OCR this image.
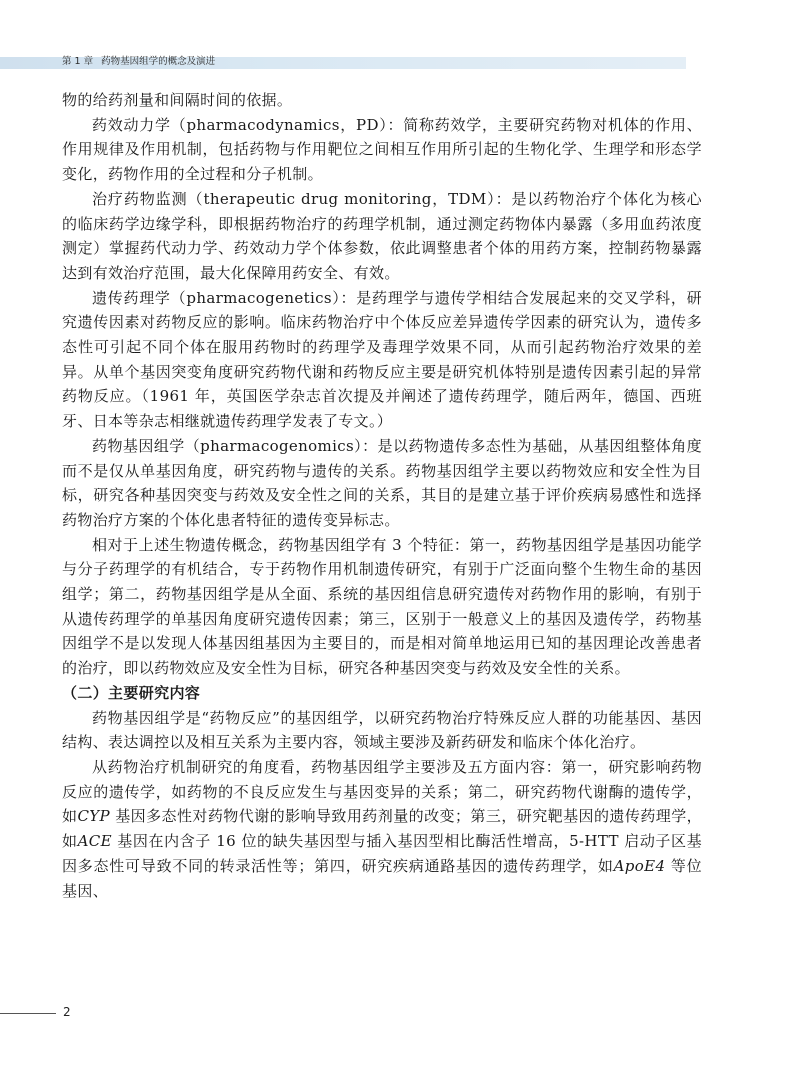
第 1 章 药物基因组学的概念及演进

物的给药剂量和间隔时间的依据。

药效动力学（pharmacodynamics，PD）：简称药效学，主要研究药物对机体的作用、作用规律及作用机制，包括药物与作用靶位之间相互作用所引起的生物化学、生理学和形态学变化，药物作用的全过程和分子机制。

治疗药物监测（therapeutic drug monitoring，TDM）：是以药物治疗个体化为核心的临床药学边缘学科，即根据药物治疗的药理学机制，通过测定药物体内暴露（多用血药浓度测定）掌握药代动力学、药效动力学个体参数，依此调整患者个体的用药方案，控制药物暴露达到有效治疗范围，最大化保障用药安全、有效。

遗传药理学（pharmacogenetics）：是药理学与遗传学相结合发展起来的交叉学科，研究遗传因素对药物反应的影响。临床药物治疗中个体反应差异遗传学因素的研究认为，遗传多态性可引起不同个体在服用药物时的药理学及毒理学效果不同，从而引起药物治疗效果的差异。从单个基因突变角度研究药物代谢和药物反应主要是研究机体特别是遗传因素引起的异常药物反应。（1961 年，英国医学杂志首次提及并阐述了遗传药理学，随后两年，德国、西班牙、日本等杂志相继就遗传药理学发表了专文。）

药物基因组学（pharmacogenomics）：是以药物遗传多态性为基础，从基因组整体角度而不是仅从单基因角度，研究药物与遗传的关系。药物基因组学主要以药物效应和安全性为目标，研究各种基因突变与药效及安全性之间的关系，其目的是建立基于评价疾病易感性和选择药物治疗方案的个体化患者特征的遗传变异标志。

相对于上述生物遗传概念，药物基因组学有 3 个特征：第一，药物基因组学是基因功能学与分子药理学的有机结合，专于药物作用机制遗传研究，有别于广泛面向整个生物生命的基因组学；第二，药物基因组学是从全面、系统的基因组信息研究遗传对药物作用的影响，有别于从遗传药理学的单基因角度研究遗传因素；第三，区别于一般意义上的基因及遗传学，药物基因组学不是以发现人体基因组基因为主要目的，而是相对简单地运用已知的基因理论改善患者的治疗，即以药物效应及安全性为目标，研究各种基因突变与药效及安全性的关系。

（二）主要研究内容

药物基因组学是“药物反应”的基因组学，以研究药物治疗特殊反应人群的功能基因、基因结构、表达调控以及相互关系为主要内容，领域主要涉及新药研发和临床个体化治疗。

从药物治疗机制研究的角度看，药物基因组学主要涉及五方面内容：第一，研究影响药物反应的遗传学，如药物的不良反应发生与基因变异的关系；第二，研究药物代谢酶的遗传学，如CYP 基因多态性对药物代谢的影响导致用药剂量的改变；第三，研究靶基因的遗传药理学，如ACE 基因在内含子 16 位的缺失基因型与插入基因型相比酶活性增高，5-HTT 启动子区基因多态性可导致不同的转录活性等；第四，研究疾病通路基因的遗传药理学，如ApoE4 等位基因、

2
